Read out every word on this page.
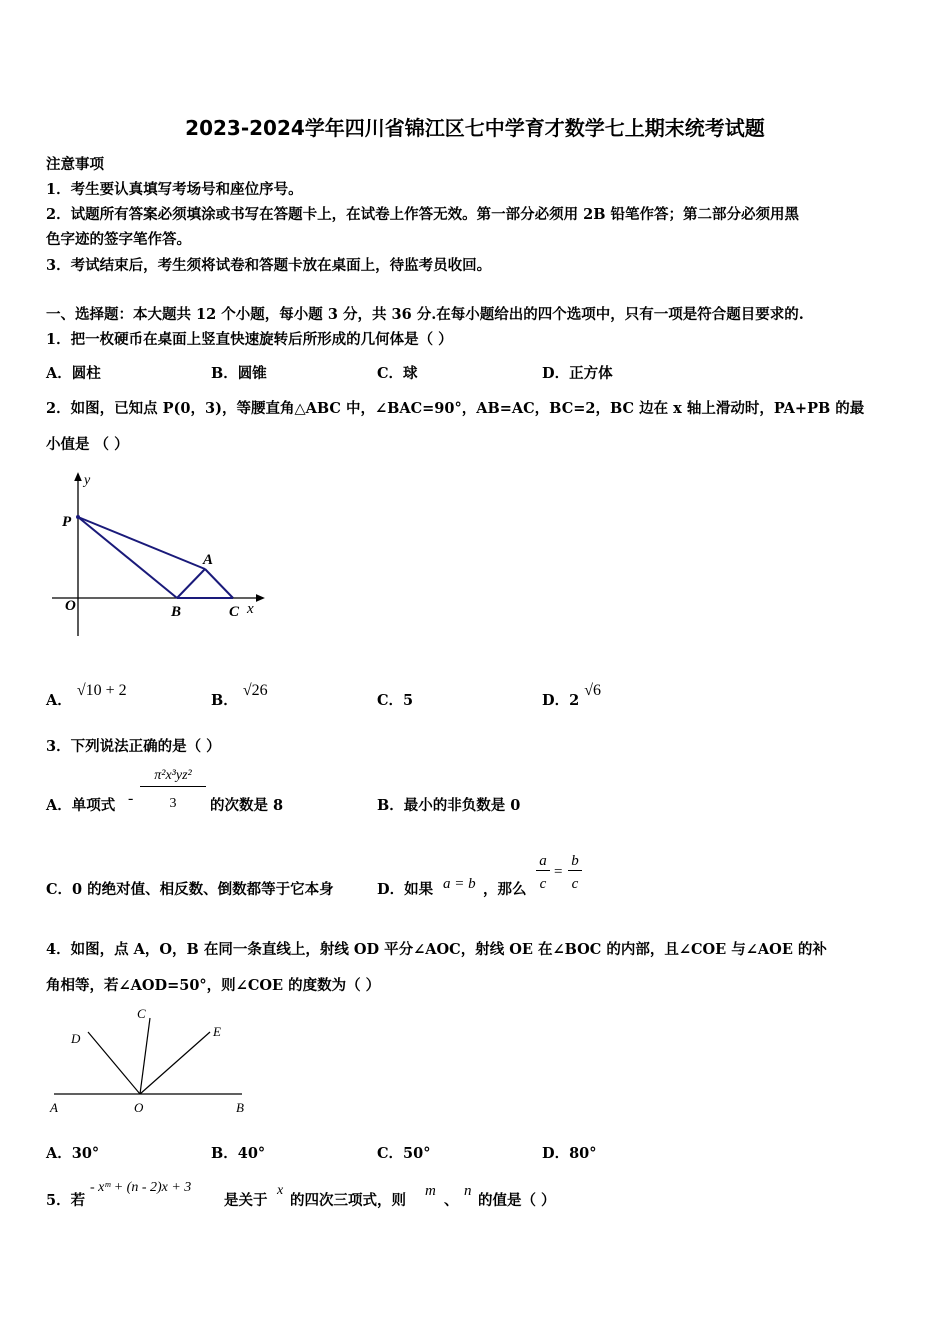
2023-2024学年四川省锦江区七中学育才数学七上期末统考试题
注意事项
1．考生要认真填写考场号和座位序号。
2．试题所有答案必须填涂或书写在答题卡上，在试卷上作答无效。第一部分必须用 2B 铅笔作答；第二部分必须用黑
色字迹的签字笔作答。
3．考试结束后，考生须将试卷和答题卡放在桌面上，待监考员收回。
一、选择题：本大题共 12 个小题，每小题 3 分，共 36 分.在每小题给出的四个选项中，只有一项是符合题目要求的.
1．把一枚硬币在桌面上竖直快速旋转后所形成的几何体是（ ）
A．圆柱	B．圆锥	C．球	D．正方体
2．如图，已知点 P(0，3)，等腰直角△ABC 中，∠BAC=90°，AB=AC，BC=2，BC 边在 x 轴上滑动时，PA+PB 的最
小值是 （ ）
y
P
A
O	B	C x
A． √10 + 2
B． √26
C．5	D．2 √6
3．下列说法正确的是（ ）
A．单项式 -
π²x³yz²
3	的次数是 8	B．最小的非负数是 0
C．0 的绝对值、相反数、倒数都等于它本身	D．如果 a = b ，那么
a
c
=
b
c
4．如图，点 A，O，B 在同一条直线上，射线 OD 平分∠AOC，射线 OE 在∠BOC 的内部，且∠COE 与∠AOE 的补
角相等，若∠AOD=50°，则∠COE 的度数为（ ）
A	O	B
C
D	E
A．30°	B．40°	C．50°	D．80°
5．若
- xᵐ + (n - 2)x + 3
是关于
x
的四次三项式，则
m
、
n
的值是（ ）
